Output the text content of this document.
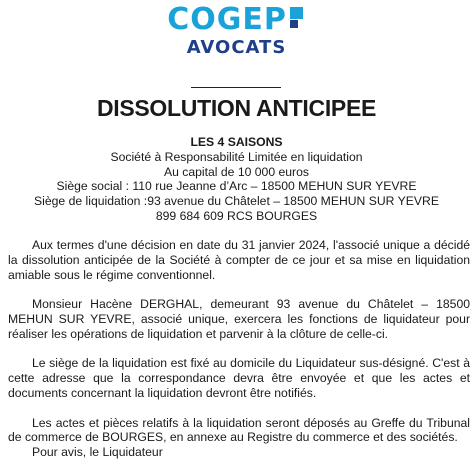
COGEP
AVOCATS
DISSOLUTION ANTICIPEE
LES 4 SAISONS
Société à Responsabilité Limitée en liquidation
Au capital de 10 000 euros
Siège social : 110 rue Jeanne d’Arc – 18500 MEHUN SUR YEVRE
Siège de liquidation :93 avenue du Châtelet – 18500 MEHUN SUR YEVRE
899 684 609 RCS BOURGES

Aux termes d'une décision en date du 31 janvier 2024, l'associé unique a décidé la dissolution anticipée de la Société à compter de ce jour et sa mise en liquidation amiable sous le régime conventionnel.

Monsieur Hacène DERGHAL, demeurant 93 avenue du Châtelet – 18500 MEHUN SUR YEVRE, associé unique, exercera les fonctions de liquidateur pour réaliser les opérations de liquidation et parvenir à la clôture de celle-ci.

Le siège de la liquidation est fixé au domicile du Liquidateur sus-désigné. C'est à cette adresse que la correspondance devra être envoyée et que les actes et documents concernant la liquidation devront être notifiés.

Les actes et pièces relatifs à la liquidation seront déposés au Greffe du Tribunal de commerce de BOURGES, en annexe au Registre du commerce et des sociétés.

Pour avis, le Liquidateur
